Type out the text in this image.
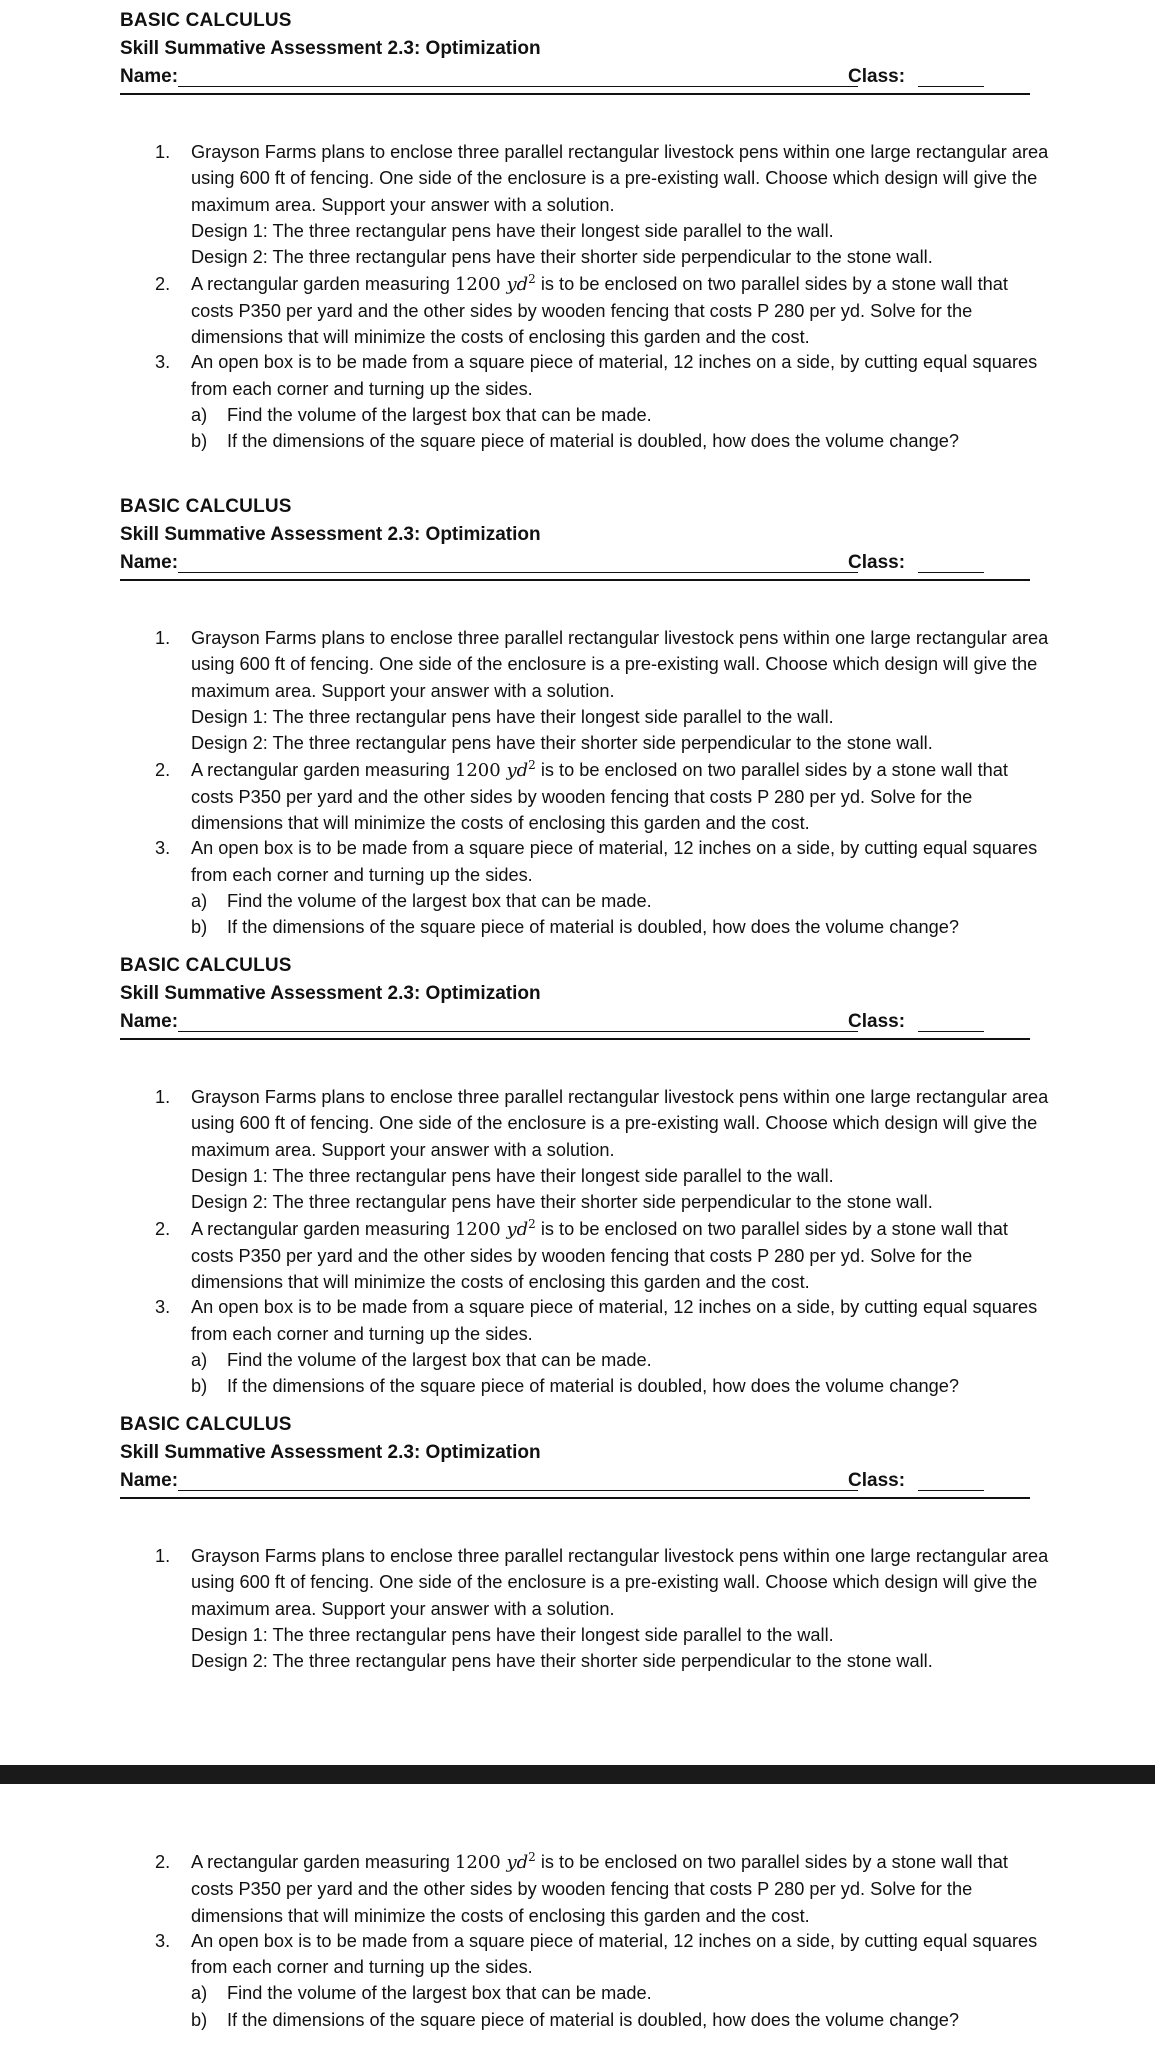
BASIC CALCULUS
Skill Summative Assessment 2.3: Optimization
Name:	Class:
1.	Grayson Farms plans to enclose three parallel rectangular livestock pens within one large rectangular area
using 600 ft of fencing. One side of the enclosure is a pre-existing wall. Choose which design will give the
maximum area. Support your answer with a solution.
Design 1: The three rectangular pens have their longest side parallel to the wall.
Design 2: The three rectangular pens have their shorter side perpendicular to the stone wall.
2.	A rectangular garden measuring 1200 $yd^2$ is to be enclosed on two parallel sides by a stone wall that
costs P350 per yard and the other sides by wooden fencing that costs P 280 per yd. Solve for the
dimensions that will minimize the costs of enclosing this garden and the cost.
3.	An open box is to be made from a square piece of material, 12 inches on a side, by cutting equal squares
from each corner and turning up the sides.
a) Find the volume of the largest box that can be made.
b) If the dimensions of the square piece of material is doubled, how does the volume change?
BASIC CALCULUS
Skill Summative Assessment 2.3: Optimization
Name:	Class:
1.	Grayson Farms plans to enclose three parallel rectangular livestock pens within one large rectangular area
using 600 ft of fencing. One side of the enclosure is a pre-existing wall. Choose which design will give the
maximum area. Support your answer with a solution.
Design 1: The three rectangular pens have their longest side parallel to the wall.
Design 2: The three rectangular pens have their shorter side perpendicular to the stone wall.
2.	A rectangular garden measuring 1200 $yd^2$ is to be enclosed on two parallel sides by a stone wall that
costs P350 per yard and the other sides by wooden fencing that costs P 280 per yd. Solve for the
dimensions that will minimize the costs of enclosing this garden and the cost.
3.	An open box is to be made from a square piece of material, 12 inches on a side, by cutting equal squares
from each corner and turning up the sides.
a) Find the volume of the largest box that can be made.
b) If the dimensions of the square piece of material is doubled, how does the volume change?
BASIC CALCULUS
Skill Summative Assessment 2.3: Optimization
Name:	Class:
1.	Grayson Farms plans to enclose three parallel rectangular livestock pens within one large rectangular area
using 600 ft of fencing. One side of the enclosure is a pre-existing wall. Choose which design will give the
maximum area. Support your answer with a solution.
Design 1: The three rectangular pens have their longest side parallel to the wall.
Design 2: The three rectangular pens have their shorter side perpendicular to the stone wall.
2.	A rectangular garden measuring 1200 $yd^2$ is to be enclosed on two parallel sides by a stone wall that
costs P350 per yard and the other sides by wooden fencing that costs P 280 per yd. Solve for the
dimensions that will minimize the costs of enclosing this garden and the cost.
3.	An open box is to be made from a square piece of material, 12 inches on a side, by cutting equal squares
from each corner and turning up the sides.
a) Find the volume of the largest box that can be made.
b) If the dimensions of the square piece of material is doubled, how does the volume change?
BASIC CALCULUS
Skill Summative Assessment 2.3: Optimization
Name:	Class:
1.	Grayson Farms plans to enclose three parallel rectangular livestock pens within one large rectangular area
using 600 ft of fencing. One side of the enclosure is a pre-existing wall. Choose which design will give the
maximum area. Support your answer with a solution.
Design 1: The three rectangular pens have their longest side parallel to the wall.
Design 2: The three rectangular pens have their shorter side perpendicular to the stone wall.
2.	A rectangular garden measuring 1200 $yd^2$ is to be enclosed on two parallel sides by a stone wall that
costs P350 per yard and the other sides by wooden fencing that costs P 280 per yd. Solve for the
dimensions that will minimize the costs of enclosing this garden and the cost.
3.	An open box is to be made from a square piece of material, 12 inches on a side, by cutting equal squares
from each corner and turning up the sides.
a) Find the volume of the largest box that can be made.
b) If the dimensions of the square piece of material is doubled, how does the volume change?
